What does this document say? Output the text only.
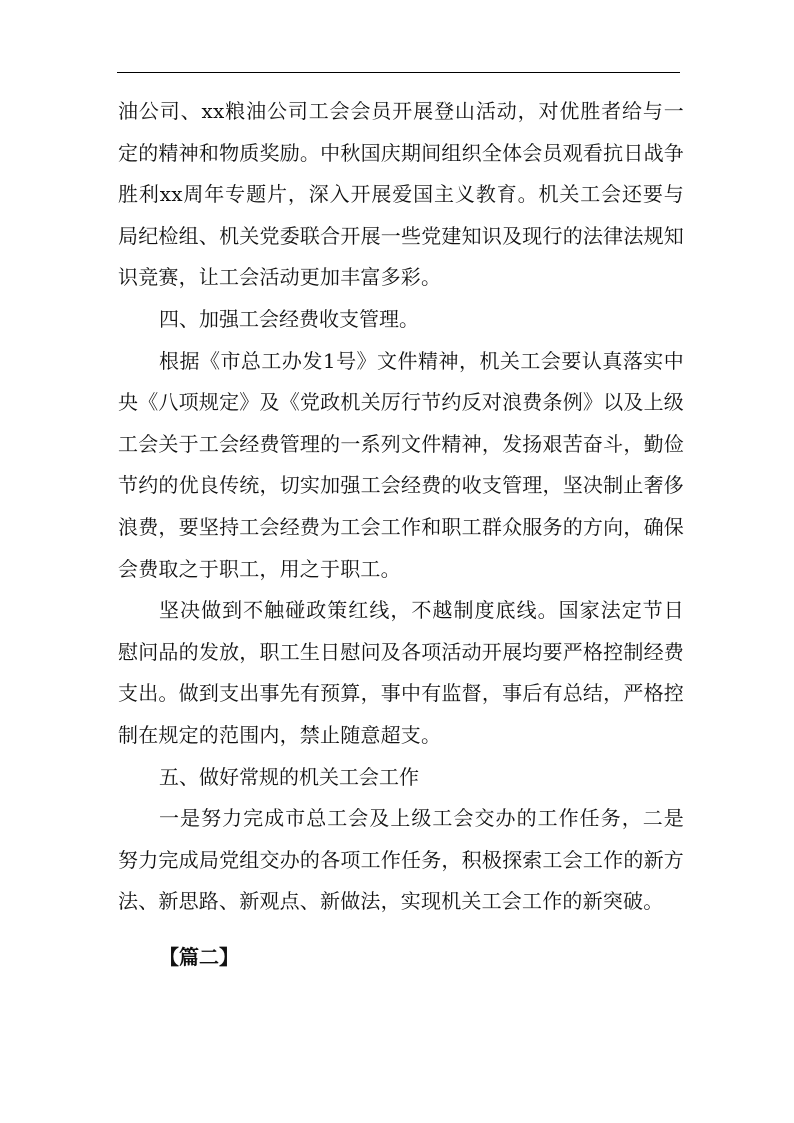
油公司、xx粮油公司工会会员开展登山活动，对优胜者给与一定的精神和物质奖励。中秋国庆期间组织全体会员观看抗日战争胜利xx周年专题片，深入开展爱国主义教育。机关工会还要与局纪检组、机关党委联合开展一些党建知识及现行的法律法规知识竞赛，让工会活动更加丰富多彩。

四、加强工会经费收支管理。

根据《市总工办发1号》文件精神，机关工会要认真落实中央《八项规定》及《党政机关厉行节约反对浪费条例》以及上级工会关于工会经费管理的一系列文件精神，发扬艰苦奋斗，勤俭节约的优良传统，切实加强工会经费的收支管理，坚决制止奢侈浪费，要坚持工会经费为工会工作和职工群众服务的方向，确保会费取之于职工，用之于职工。

坚决做到不触碰政策红线，不越制度底线。国家法定节日慰问品的发放，职工生日慰问及各项活动开展均要严格控制经费支出。做到支出事先有预算，事中有监督，事后有总结，严格控制在规定的范围内，禁止随意超支。

五、做好常规的机关工会工作

一是努力完成市总工会及上级工会交办的工作任务，二是努力完成局党组交办的各项工作任务，积极探索工会工作的新方法、新思路、新观点、新做法，实现机关工会工作的新突破。

【篇二】
